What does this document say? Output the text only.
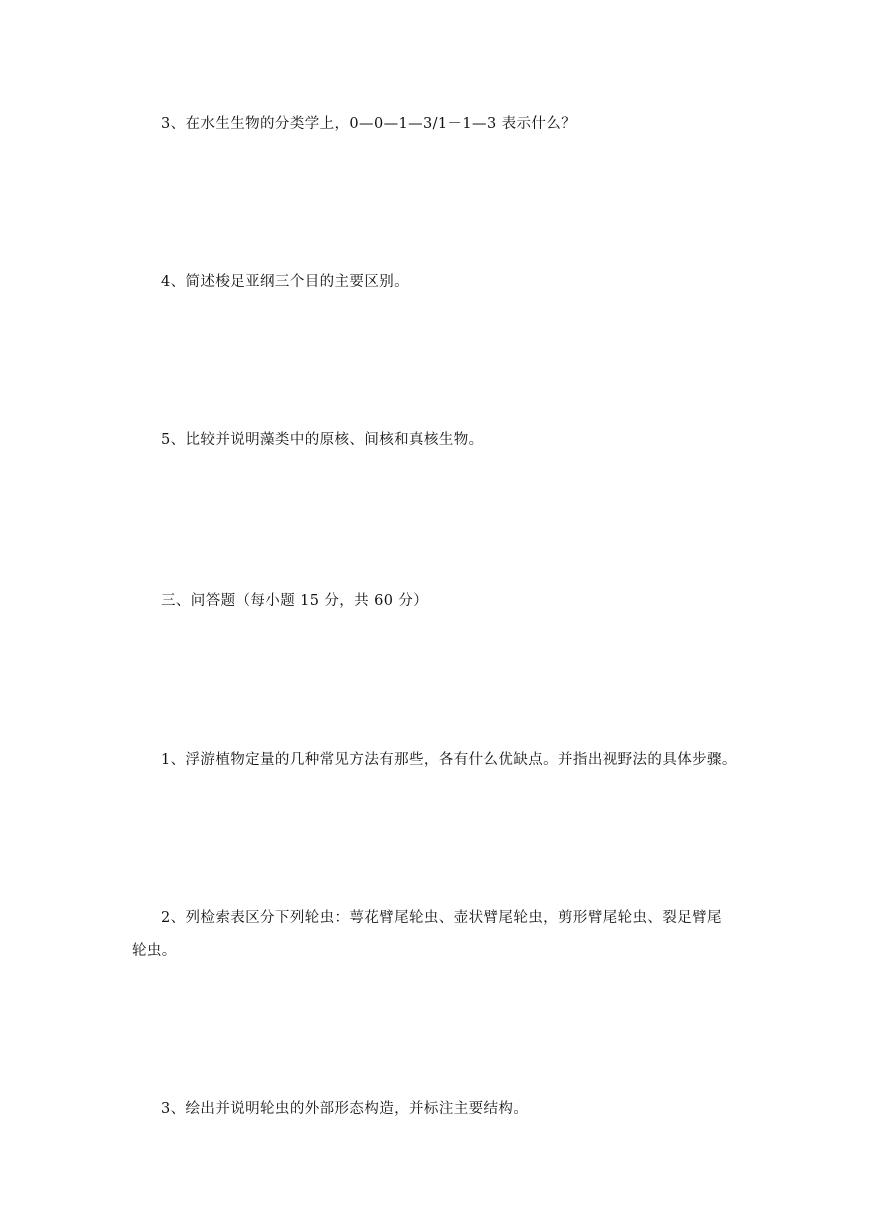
3、在水生生物的分类学上，0—0—1—3/1－1—3 表示什么？
4、简述梭足亚纲三个目的主要区别。
5、比较并说明藻类中的原核、间核和真核生物。
三、问答题（每小题 15 分，共 60 分）
1、浮游植物定量的几种常见方法有那些，各有什么优缺点。并指出视野法的具体步骤。
2、列检索表区分下列轮虫：萼花臂尾轮虫、壶状臂尾轮虫，剪形臂尾轮虫、裂足臂尾
轮虫。
3、绘出并说明轮虫的外部形态构造，并标注主要结构。
